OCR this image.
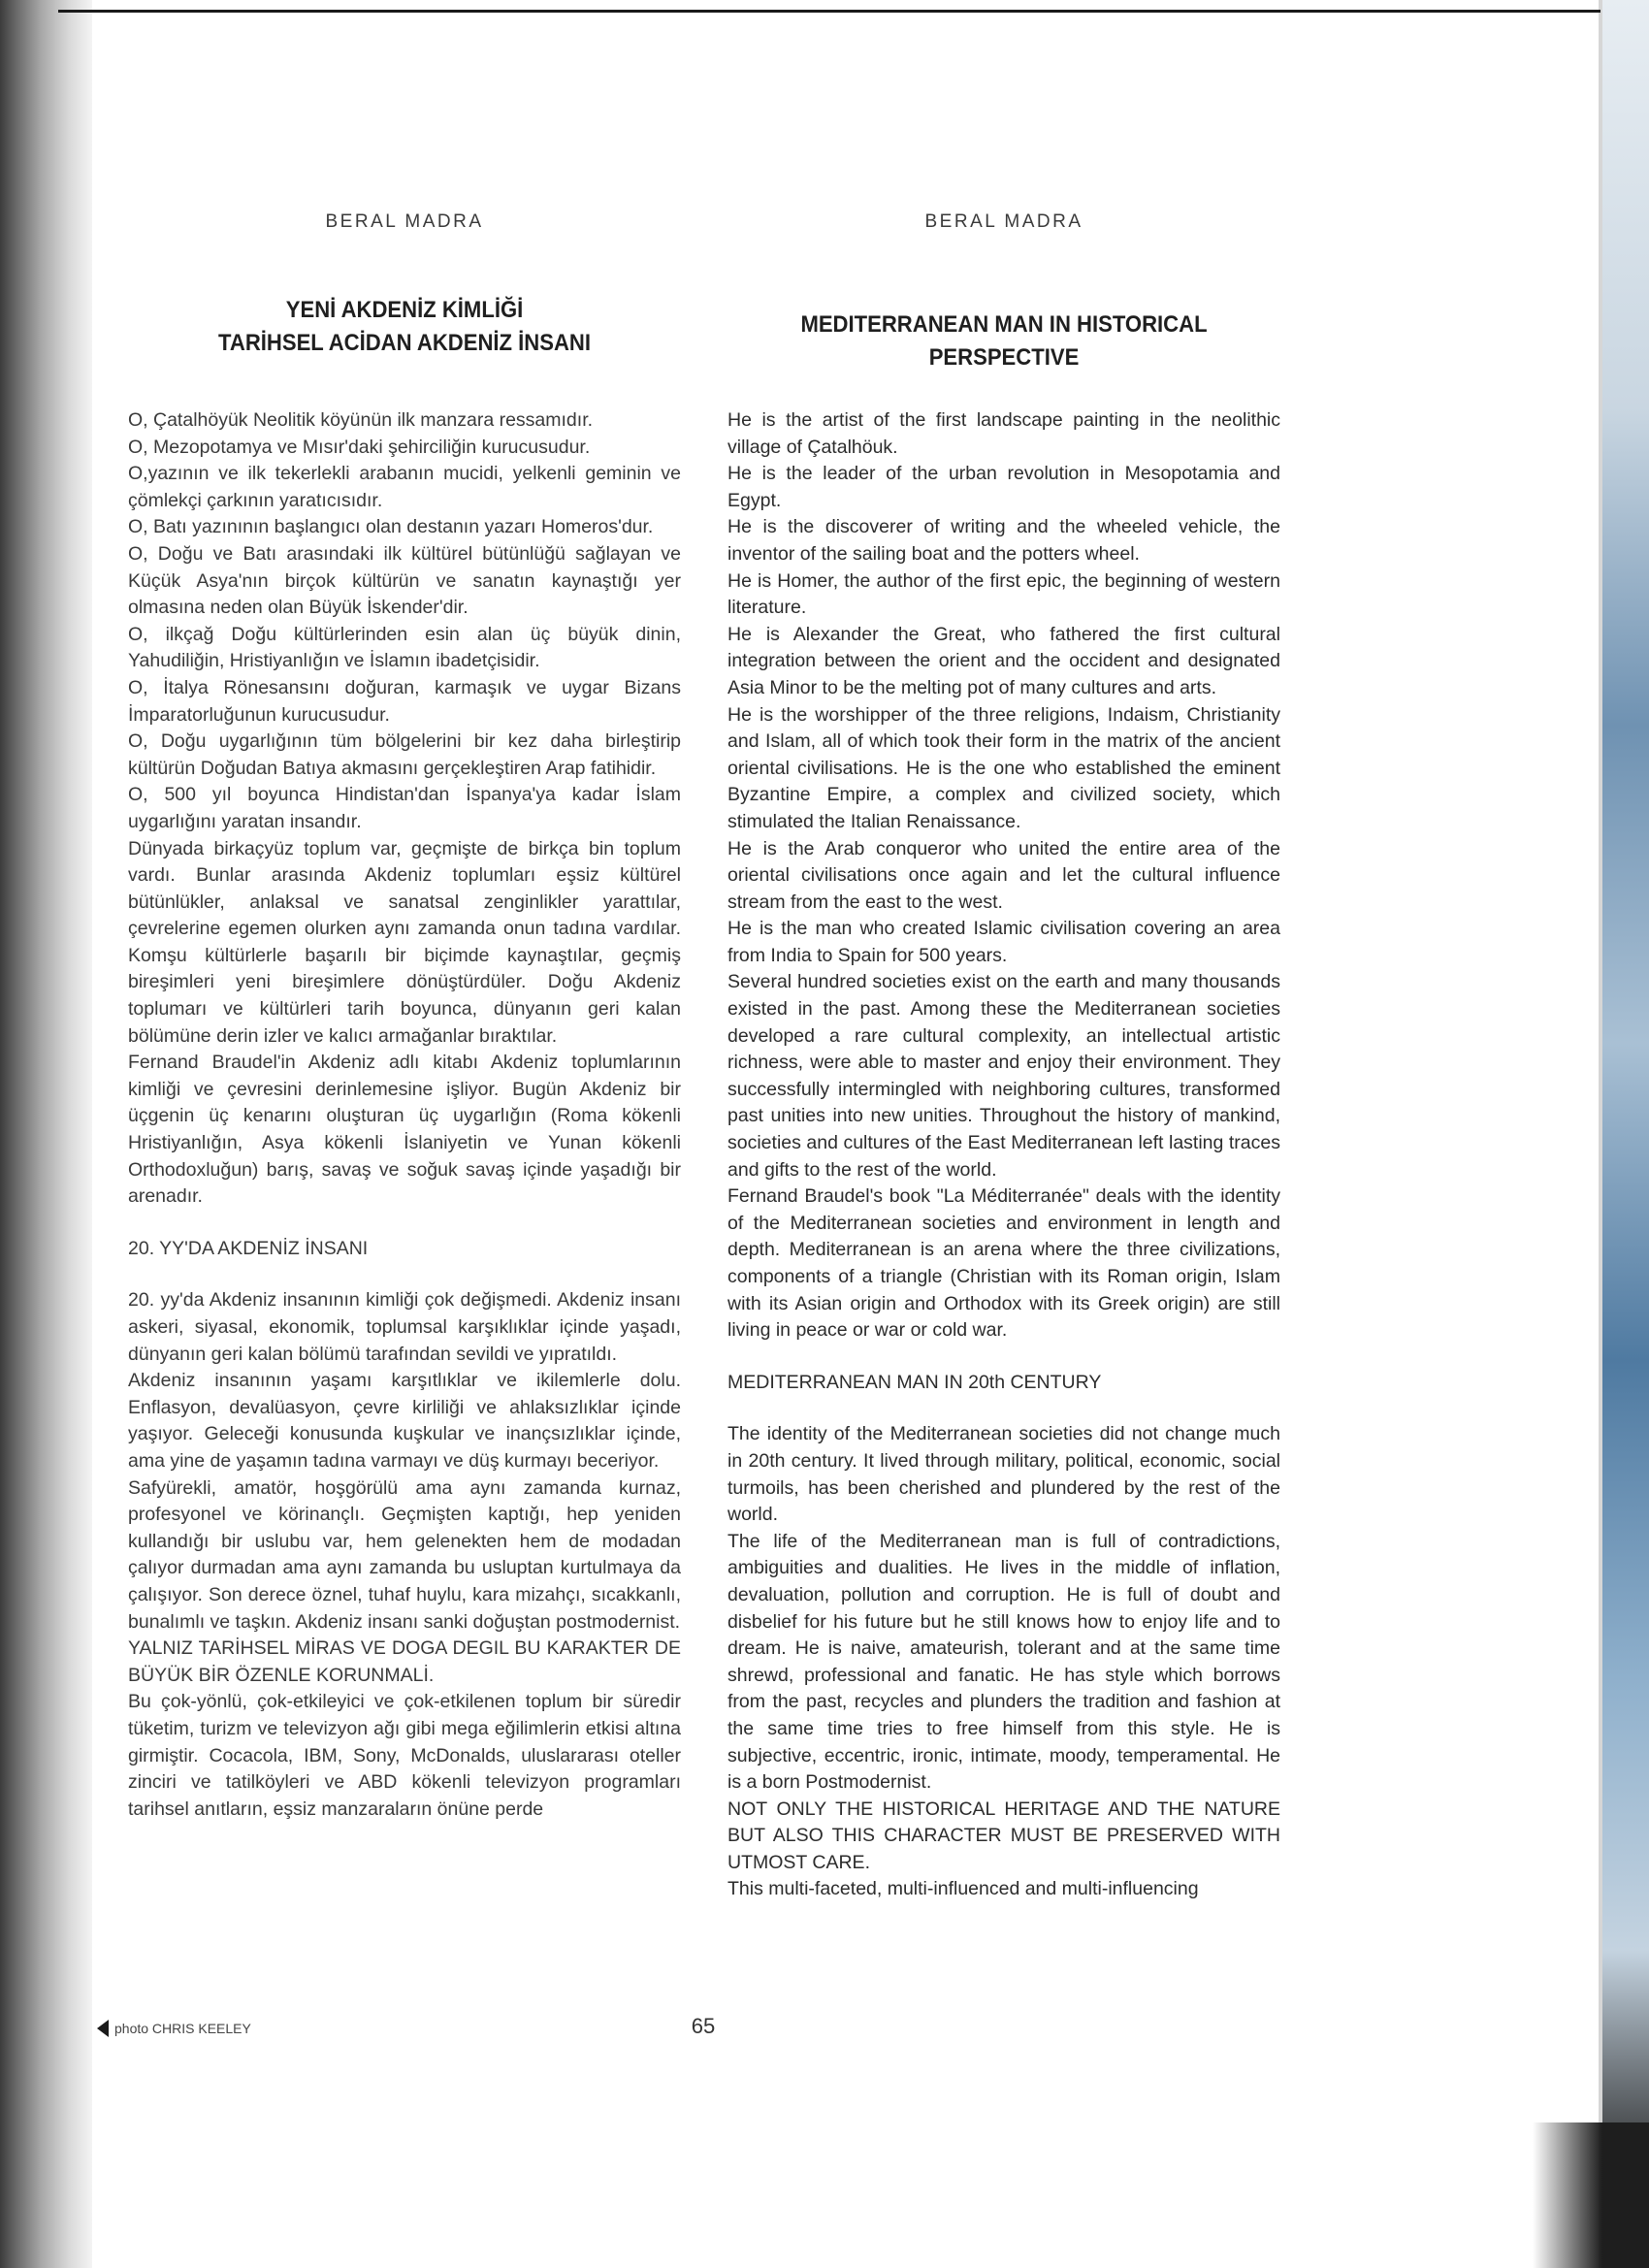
BERAL MADRA
YENİ AKDENİZ KİMLİĞİ
TARİHSEL ACİDAN AKDENİZ İNSANI

O, Çatalhöyük Neolitik köyünün ilk manzara ressamıdır.

O, Mezopotamya ve Mısır'daki şehirciliğin kurucusudur.

O,yazının ve ilk tekerlekli arabanın mucidi, yelkenli geminin ve çömlekçi çarkının yaratıcısıdır.

O, Batı yazınının başlangıcı olan destanın yazarı Homeros'dur.

O, Doğu ve Batı arasındaki ilk kültürel bütünlüğü sağlayan ve Küçük Asya'nın birçok kültürün ve sanatın kaynaştığı yer olmasına neden olan Büyük İskender'dir.

O, ilkçağ Doğu kültürlerinden esin alan üç büyük dinin, Yahudiliğin, Hristiyanlığın ve İslamın ibadetçisidir.

O, İtalya Rönesansını doğuran, karmaşık ve uygar Bizans İmparatorluğunun kurucusudur.

O, Doğu uygarlığının tüm bölgelerini bir kez daha birleştirip kültürün Doğudan Batıya akmasını gerçekleştiren Arap fatihidir.

O, 500 yıl boyunca Hindistan'dan İspanya'ya kadar İslam uygarlığını yaratan insandır.

Dünyada birkaçyüz toplum var, geçmişte de birkça bin toplum vardı. Bunlar arasında Akdeniz toplumları eşsiz kültürel bütünlükler, anlaksal ve sanatsal zenginlikler yarattılar, çevrelerine egemen olurken aynı zamanda onun tadına vardılar. Komşu kültürlerle başarılı bir biçimde kaynaştılar, geçmiş bireşimleri yeni bireşimlere dönüştürdüler. Doğu Akdeniz toplumarı ve kültürleri tarih boyunca, dünyanın geri kalan bölümüne derin izler ve kalıcı armağanlar bıraktılar.

Fernand Braudel'in Akdeniz adlı kitabı Akdeniz toplumlarının kimliği ve çevresini derinlemesine işliyor. Bugün Akdeniz bir üçgenin üç kenarını oluşturan üç uygarlığın (Roma kökenli Hristiyanlığın, Asya kökenli İslaniyetin ve Yunan kökenli Orthodoxluğun) barış, savaş ve soğuk savaş içinde yaşadığı bir arenadır.

20. YY'DA AKDENİZ İNSANI

20. yy'da Akdeniz insanının kimliği çok değişmedi. Akdeniz insanı askeri, siyasal, ekonomik, toplumsal karşıklıklar içinde yaşadı, dünyanın geri kalan bölümü tarafından sevildi ve yıpratıldı.

Akdeniz insanının yaşamı karşıtlıklar ve ikilemlerle dolu. Enflasyon, devalüasyon, çevre kirliliği ve ahlaksızlıklar içinde yaşıyor. Geleceği konusunda kuşkular ve inançsızlıklar içinde, ama yine de yaşamın tadına varmayı ve düş kurmayı beceriyor.

Safyürekli, amatör, hoşgörülü ama aynı zamanda kurnaz, profesyonel ve körinançlı. Geçmişten kaptığı, hep yeniden kullandığı bir uslubu var, hem gelenekten hem de modadan çalıyor durmadan ama aynı zamanda bu usluptan kurtulmaya da çalışıyor. Son derece öznel, tuhaf huylu, kara mizahçı, sıcakkanlı, bunalımlı ve taşkın. Akdeniz insanı sanki doğuştan postmodernist.

YALNIZ TARİHSEL MİRAS VE DOGA DEGIL BU KARAKTER DE BÜYÜK BİR ÖZENLE KORUNMALİ.

Bu çok-yönlü, çok-etkileyici ve çok-etkilenen toplum bir süredir tüketim, turizm ve televizyon ağı gibi mega eğilimlerin etkisi altına girmiştir. Cocacola, IBM, Sony, McDonalds, uluslararası oteller zinciri ve tatilköyleri ve ABD kökenli televizyon programları tarihsel anıtların, eşsiz manzaraların önüne perde

BERAL MADRA
MEDITERRANEAN MAN IN HISTORICAL
PERSPECTIVE

He is the artist of the first landscape painting in the neolithic village of Çatalhöuk.

He is the leader of the urban revolution in Mesopotamia and Egypt.

He is the discoverer of writing and the wheeled vehicle, the inventor of the sailing boat and the potters wheel.

He is Homer, the author of the first epic, the beginning of western literature.

He is Alexander the Great, who fathered the first cultural integration between the orient and the occident and designated Asia Minor to be the melting pot of many cultures and arts.

He is the worshipper of the three religions, Indaism, Christianity and Islam, all of which took their form in the matrix of the ancient oriental civilisations. He is the one who established the eminent Byzantine Empire, a complex and civilized society, which stimulated the Italian Renaissance.

He is the Arab conqueror who united the entire area of the oriental civilisations once again and let the cultural influence stream from the east to the west.

He is the man who created Islamic civilisation covering an area from India to Spain for 500 years.

Several hundred societies exist on the earth and many thousands existed in the past. Among these the Mediterranean societies developed a rare cultural complexity, an intellectual artistic richness, were able to master and enjoy their environment. They successfully intermingled with neighboring cultures, transformed past unities into new unities. Throughout the history of mankind, societies and cultures of the East Mediterranean left lasting traces and gifts to the rest of the world.

Fernand Braudel's book "La Méditerranée" deals with the identity of the Mediterranean societies and environment in length and depth. Mediterranean is an arena where the three civilizations, components of a triangle (Christian with its Roman origin, Islam with its Asian origin and Orthodox with its Greek origin) are still living in peace or war or cold war.

MEDITERRANEAN MAN IN 20th CENTURY

The identity of the Mediterranean societies did not change much in 20th century. It lived through military, political, economic, social turmoils, has been cherished and plundered by the rest of the world.

The life of the Mediterranean man is full of contradictions, ambiguities and dualities. He lives in the middle of inflation, devaluation, pollution and corruption. He is full of doubt and disbelief for his future but he still knows how to enjoy life and to dream. He is naive, amateurish, tolerant and at the same time shrewd, professional and fanatic. He has style which borrows from the past, recycles and plunders the tradition and fashion at the same time tries to free himself from this style. He is subjective, eccentric, ironic, intimate, moody, temperamental. He is a born Postmodernist.

NOT ONLY THE HISTORICAL HERITAGE AND THE NATURE BUT ALSO THIS CHARACTER MUST BE PRESERVED WITH UTMOST CARE.

This multi-faceted, multi-influenced and multi-influencing

photo CHRIS KEELEY	65
